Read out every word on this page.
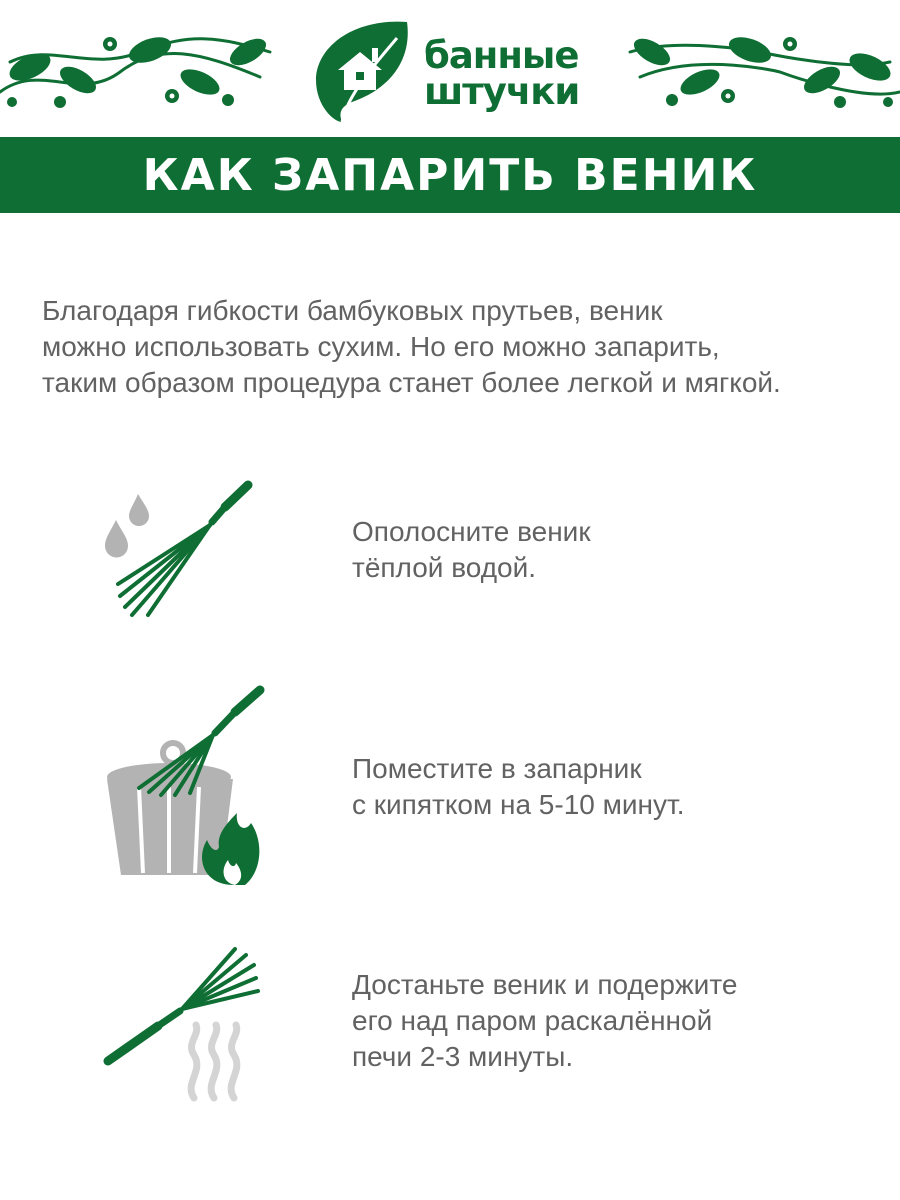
банные
штучки
КАК ЗАПАРИТЬ ВЕНИК
Благодаря гибкости бамбуковых прутьев, веник
можно использовать сухим. Но его можно запарить,
таким образом процедура станет более легкой и мягкой.
Ополосните веник
тёплой водой.
Поместите в запарник
с кипятком на 5-10 минут.
Достаньте веник и подержите
его над паром раскалённой
печи 2-3 минуты.
